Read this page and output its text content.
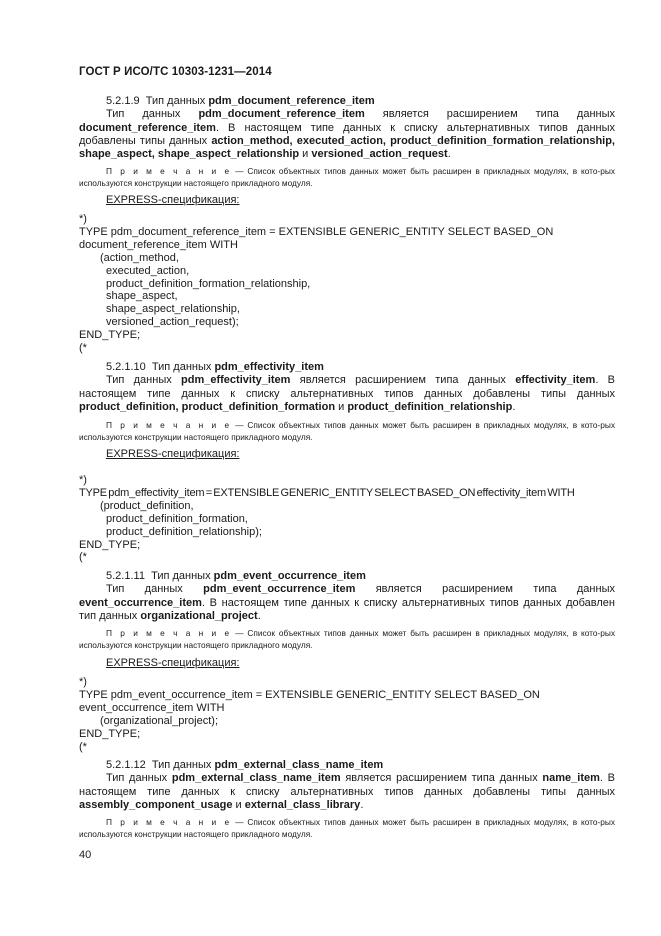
ГОСТ Р ИСО/ТС 10303-1231—2014

5.2.1.9 Тип данных pdm_document_reference_item

Тип данных pdm_document_reference_item является расширением типа данных document_reference_item. В настоящем типе данных к списку альтернативных типов данных добавлены типы данных action_method, executed_action, product_definition_formation_relationship, shape_aspect, shape_aspect_relationship и versioned_action_request.

П р и м е ч а н и е — Список объектных типов данных может быть расширен в прикладных модулях, в кото-рых используются конструкции настоящего прикладного модуля.

EXPRESS-спецификация:

*)
TYPE pdm_document_reference_item = EXTENSIBLE GENERIC_ENTITY SELECT BASED_ON
document_reference_item WITH
(action_method,
executed_action,
product_definition_formation_relationship,
shape_aspect,
shape_aspect_relationship,
versioned_action_request);
END_TYPE;
(*

5.2.1.10 Тип данных pdm_effectivity_item

Тип данных pdm_effectivity_item является расширением типа данных effectivity_item. В настоящем типе данных к списку альтернативных типов данных добавлены типы данных product_definition, product_definition_formation и product_definition_relationship.

П р и м е ч а н и е — Список объектных типов данных может быть расширен в прикладных модулях, в кото-рых используются конструкции настоящего прикладного модуля.

EXPRESS-спецификация:

*)
TYPE pdm_effectivity_item = EXTENSIBLE GENERIC_ENTITY SELECT BASED_ON effectivity_item WITH
(product_definition,
product_definition_formation,
product_definition_relationship);
END_TYPE;
(*

5.2.1.11 Тип данных pdm_event_occurrence_item

Тип данных pdm_event_occurrence_item является расширением типа данных event_occurrence_item. В настоящем типе данных к списку альтернативных типов данных добавлен тип данных organizational_project.

П р и м е ч а н и е — Список объектных типов данных может быть расширен в прикладных модулях, в кото-рых используются конструкции настоящего прикладного модуля.

EXPRESS-спецификация:

*)
TYPE pdm_event_occurrence_item = EXTENSIBLE GENERIC_ENTITY SELECT BASED_ON
event_occurrence_item WITH
(organizational_project);
END_TYPE;
(*

5.2.1.12 Тип данных pdm_external_class_name_item

Тип данных pdm_external_class_name_item является расширением типа данных name_item. В настоящем типе данных к списку альтернативных типов данных добавлены типы данных assembly_component_usage и external_class_library.

П р и м е ч а н и е — Список объектных типов данных может быть расширен в прикладных модулях, в кото-рых используются конструкции настоящего прикладного модуля.

40
